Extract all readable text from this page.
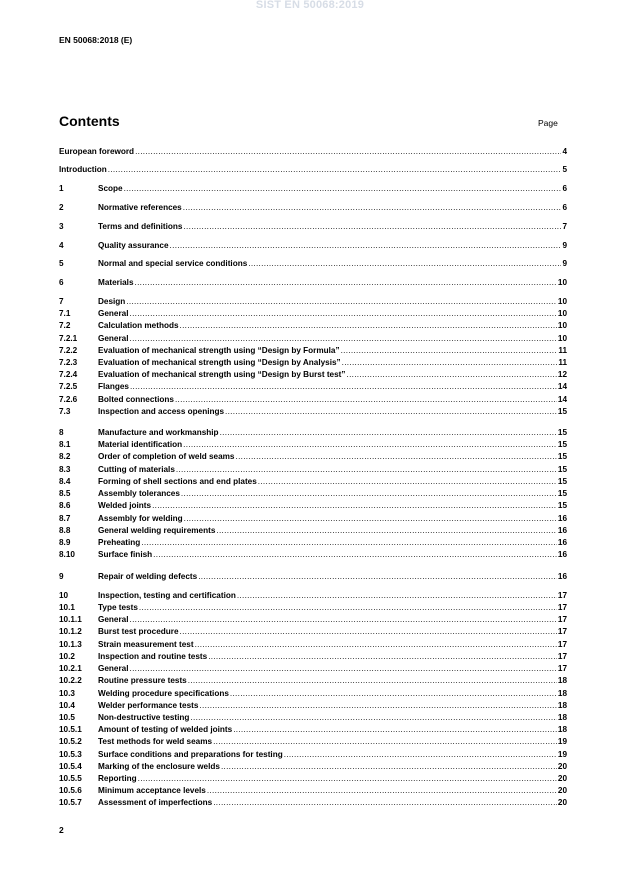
SIST EN 50068:2019
EN 50068:2018 (E)
Contents	Page
European foreword .....	4
Introduction .....	5
1	Scope .....	6
2	Normative references .....	6
3	Terms and definitions .....	7
4	Quality assurance .....	9
5	Normal and special service conditions .....	9
6	Materials .....	10
7	Design .....	10
7.1	General .....	10
7.2	Calculation methods .....	10
7.2.1	General .....	10
7.2.2	Evaluation of mechanical strength using “Design by Formula” .....	11
7.2.3	Evaluation of mechanical strength using “Design by Analysis” .....	11
7.2.4	Evaluation of mechanical strength using “Design by Burst test” .....	12
7.2.5	Flanges .....	14
7.2.6	Bolted connections .....	14
7.3	Inspection and access openings .....	15
8	Manufacture and workmanship .....	15
8.1	Material identification .....	15
8.2	Order of completion of weld seams .....	15
8.3	Cutting of materials .....	15
8.4	Forming of shell sections and end plates .....	15
8.5	Assembly tolerances .....	15
8.6	Welded joints .....	15
8.7	Assembly for welding .....	16
8.8	General welding requirements .....	16
8.9	Preheating .....	16
8.10	Surface finish .....	16
9	Repair of welding defects .....	16
10	Inspection, testing and certification .....	17
10.1	Type tests .....	17
10.1.1	General .....	17
10.1.2	Burst test procedure .....	17
10.1.3	Strain measurement test .....	17
10.2	Inspection and routine tests .....	17
10.2.1	General .....	17
10.2.2	Routine pressure tests .....	18
10.3	Welding procedure specifications .....	18
10.4	Welder performance tests .....	18
10.5	Non-destructive testing .....	18
10.5.1	Amount of testing of welded joints .....	18
10.5.2	Test methods for weld seams .....	19
10.5.3	Surface conditions and preparations for testing .....	19
10.5.4	Marking of the enclosure welds .....	20
10.5.5	Reporting .....	20
10.5.6	Minimum acceptance levels .....	20
10.5.7	Assessment of imperfections .....	20
2
